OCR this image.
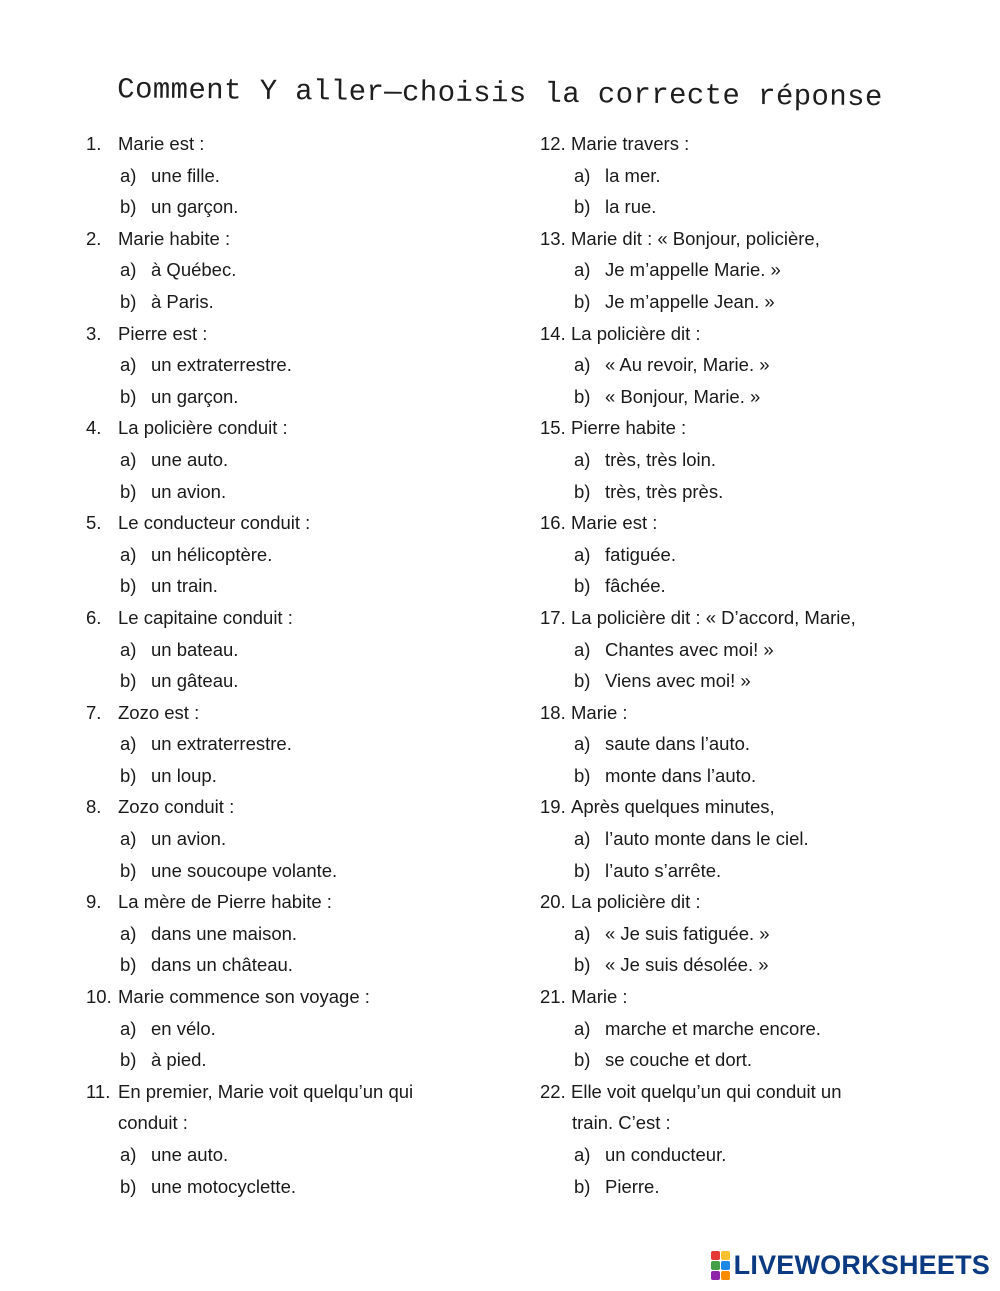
Comment Y aller—choisis la correcte réponse
1. Marie est :
a) une fille.
b) un garçon.
2. Marie habite :
a) à Québec.
b) à Paris.
3. Pierre est :
a) un extraterrestre.
b) un garçon.
4. La policière conduit :
a) une auto.
b) un avion.
5. Le conducteur conduit :
a) un hélicoptère.
b) un train.
6. Le capitaine conduit :
a) un bateau.
b) un gâteau.
7. Zozo est :
a) un extraterrestre.
b) un loup.
8. Zozo conduit :
a) un avion.
b) une soucoupe volante.
9. La mère de Pierre habite :
a) dans une maison.
b) dans un château.
10. Marie commence son voyage :
a) en vélo.
b) à pied.
11. En premier, Marie voit quelqu’un qui
conduit :
a) une auto.
b) une motocyclette.
12. Marie travers :
a) la mer.
b) la rue.
13. Marie dit : « Bonjour, policière,
a) Je m’appelle Marie. »
b) Je m’appelle Jean. »
14. La policière dit :
a) « Au revoir, Marie. »
b) « Bonjour, Marie. »
15. Pierre habite :
a) très, très loin.
b) très, très près.
16. Marie est :
a) fatiguée.
b) fâchée.
17. La policière dit : « D’accord, Marie,
a) Chantes avec moi! »
b) Viens avec moi! »
18. Marie :
a) saute dans l’auto.
b) monte dans l’auto.
19. Après quelques minutes,
a) l’auto monte dans le ciel.
b) l’auto s’arrête.
20. La policière dit :
a) « Je suis fatiguée. »
b) « Je suis désolée. »
21. Marie :
a) marche et marche encore.
b) se couche et dort.
22. Elle voit quelqu’un qui conduit un
train. C’est :
a) un conducteur.
b) Pierre.
LIVEWORKSHEETS
